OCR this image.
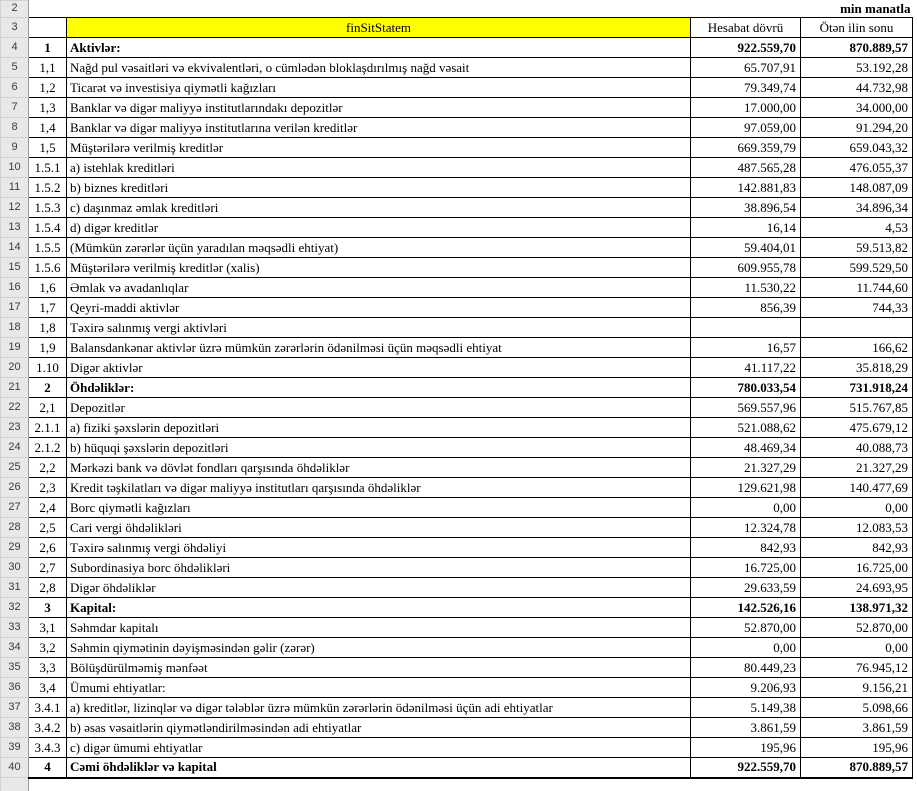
2				min manatla
3		finSitStatem	Hesabat dövrü	Ötən ilin sonu
4	1	Aktivlər:	922.559,70	870.889,57
5	1,1	Nağd pul vəsaitləri və ekvivalentləri, o cümlədən bloklaşdırılmış nağd vəsait	65.707,91	53.192,28
6	1,2	Ticarət və investisiya qiymətli kağızları	79.349,74	44.732,98
7	1,3	Banklar və digər maliyyə institutlarındakı depozitlər	17.000,00	34.000,00
8	1,4	Banklar və digər maliyyə institutlarına verilən kreditlər	97.059,00	91.294,20
9	1,5	Müştərilərə verilmiş kreditlər	669.359,79	659.043,32
10	1.5.1	a) istehlak kreditləri	487.565,28	476.055,37
11	1.5.2	b) biznes kreditləri	142.881,83	148.087,09
12	1.5.3	c) daşınmaz əmlak kreditləri	38.896,54	34.896,34
13	1.5.4	d) digər kreditlər	16,14	4,53
14	1.5.5	(Mümkün zərərlər üçün yaradılan məqsədli ehtiyat)	59.404,01	59.513,82
15	1.5.6	Müştərilərə verilmiş kreditlər (xalis)	609.955,78	599.529,50
16	1,6	Əmlak və avadanlıqlar	11.530,22	11.744,60
17	1,7	Qeyri-maddi aktivlər	856,39	744,33
18	1,8	Təxirə salınmış vergi aktivləri		
19	1,9	Balansdankənar aktivlər üzrə mümkün zərərlərin ödənilməsi üçün məqsədli ehtiyat	16,57	166,62
20	1.10	Digər aktivlər	41.117,22	35.818,29
21	2	Öhdəliklər:	780.033,54	731.918,24
22	2,1	Depozitlər	569.557,96	515.767,85
23	2.1.1	a) fiziki şəxslərin depozitləri	521.088,62	475.679,12
24	2.1.2	b) hüquqi şəxslərin depozitləri	48.469,34	40.088,73
25	2,2	Mərkəzi bank və dövlət fondları qarşısında öhdəliklər	21.327,29	21.327,29
26	2,3	Kredit təşkilatları və digər maliyyə institutları qarşısında öhdəliklər	129.621,98	140.477,69
27	2,4	Borc qiymətli kağızları	0,00	0,00
28	2,5	Cari vergi öhdəlikləri	12.324,78	12.083,53
29	2,6	Təxirə salınmış vergi öhdəliyi	842,93	842,93
30	2,7	Subordinasiya borc öhdəlikləri	16.725,00	16.725,00
31	2,8	Digər öhdəliklər	29.633,59	24.693,95
32	3	Kapital:	142.526,16	138.971,32
33	3,1	Səhmdar kapitalı	52.870,00	52.870,00
34	3,2	Səhmin qiymətinin dəyişməsindən gəlir (zərər)	0,00	0,00
35	3,3	Bölüşdürülməmiş mənfəət	80.449,23	76.945,12
36	3,4	Ümumi ehtiyatlar:	9.206,93	9.156,21
37	3.4.1	a) kreditlər, lizinqlər və digər tələblər üzrə mümkün zərərlərin ödənilməsi üçün adi ehtiyatlar	5.149,38	5.098,66
38	3.4.2	b) əsas vəsaitlərin qiymətləndirilməsindən adi ehtiyatlar	3.861,59	3.861,59
39	3.4.3	c) digər ümumi ehtiyatlar	195,96	195,96
40	4	Cəmi öhdəliklər və kapital	922.559,70	870.889,57
